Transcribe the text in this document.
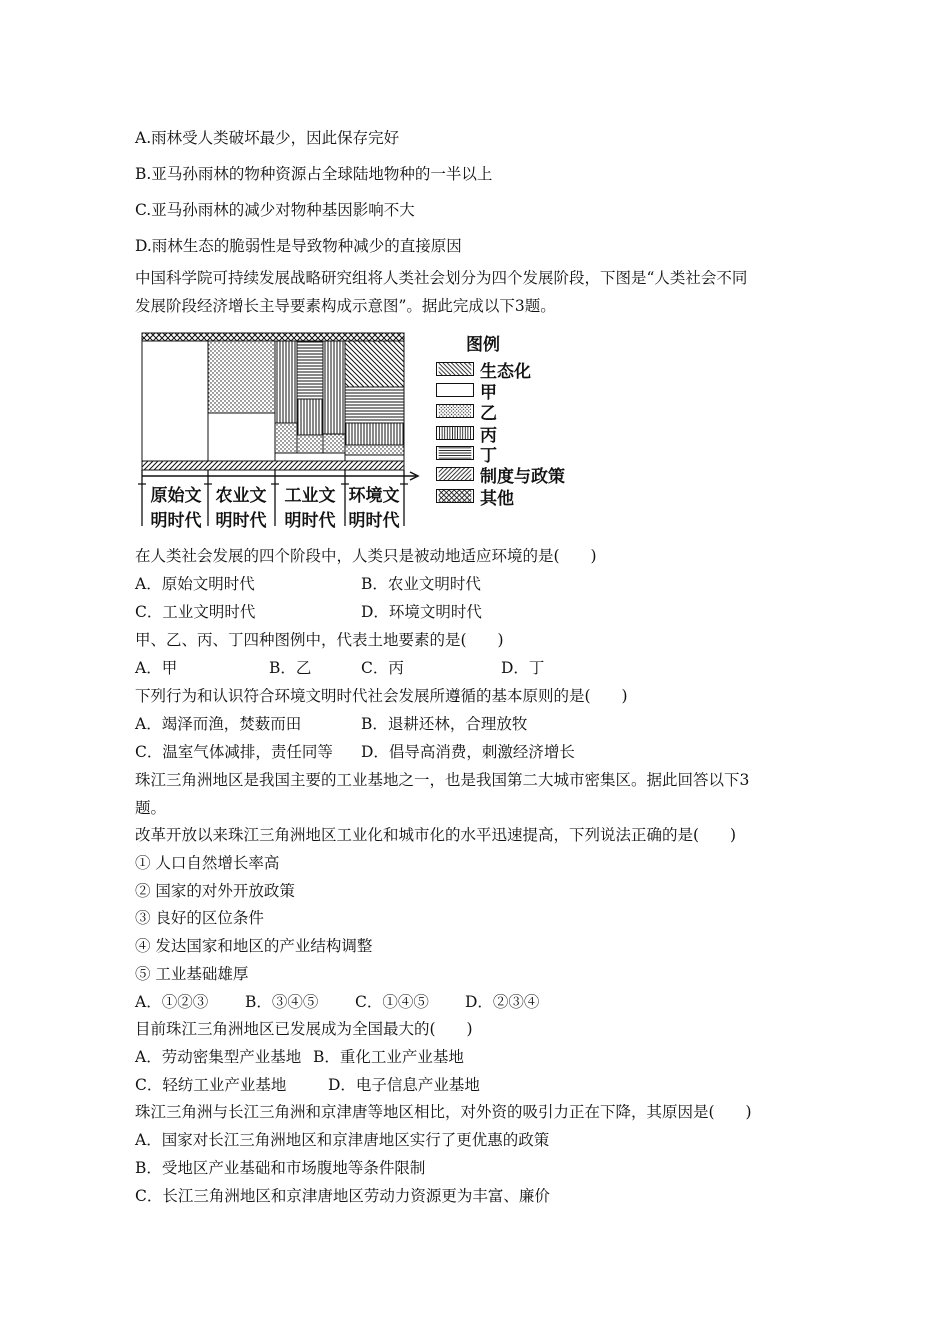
A.雨林受人类破坏最少，因此保存完好
B.亚马孙雨林的物种资源占全球陆地物种的一半以上
C.亚马孙雨林的减少对物种基因影响不大
D.雨林生态的脆弱性是导致物种减少的直接原因
中国科学院可持续发展战略研究组将人类社会划分为四个发展阶段，下图是“人类社会不同
发展阶段经济增长主导要素构成示意图”。据此完成以下3题。
原始文
明时代
农业文
明时代
工业文
明时代
环境文
明时代
图例
生态化
甲
乙
丙
丁
制度与政策
其他
在人类社会发展的四个阶段中，人类只是被动地适应环境的是(　　)
A．原始文明时代	B．农业文明时代
C．工业文明时代	D．环境文明时代
甲、乙、丙、丁四种图例中，代表土地要素的是(　　)
A．甲	B．乙	C．丙	D．丁
下列行为和认识符合环境文明时代社会发展所遵循的基本原则的是(　　)
A．竭泽而渔，焚薮而田	B．退耕还林，合理放牧
C．温室气体减排，责任同等 D．倡导高消费，刺激经济增长
珠江三角洲地区是我国主要的工业基地之一，也是我国第二大城市密集区。据此回答以下3
题。
改革开放以来珠江三角洲地区工业化和城市化的水平迅速提高，下列说法正确的是(　　)
① 人口自然增长率高
② 国家的对外开放政策
③ 良好的区位条件
④ 发达国家和地区的产业结构调整
⑤ 工业基础雄厚
A．①②③ B．③④⑤ C．①④⑤ D．②③④
目前珠江三角洲地区已发展成为全国最大的(　　)
A．劳动密集型产业基地 B．重化工业产业基地
C．轻纺工业产业基地	D．电子信息产业基地
珠江三角洲与长江三角洲和京津唐等地区相比，对外资的吸引力正在下降，其原因是(　　)
A．国家对长江三角洲地区和京津唐地区实行了更优惠的政策
B．受地区产业基础和市场腹地等条件限制
C．长江三角洲地区和京津唐地区劳动力资源更为丰富、廉价
